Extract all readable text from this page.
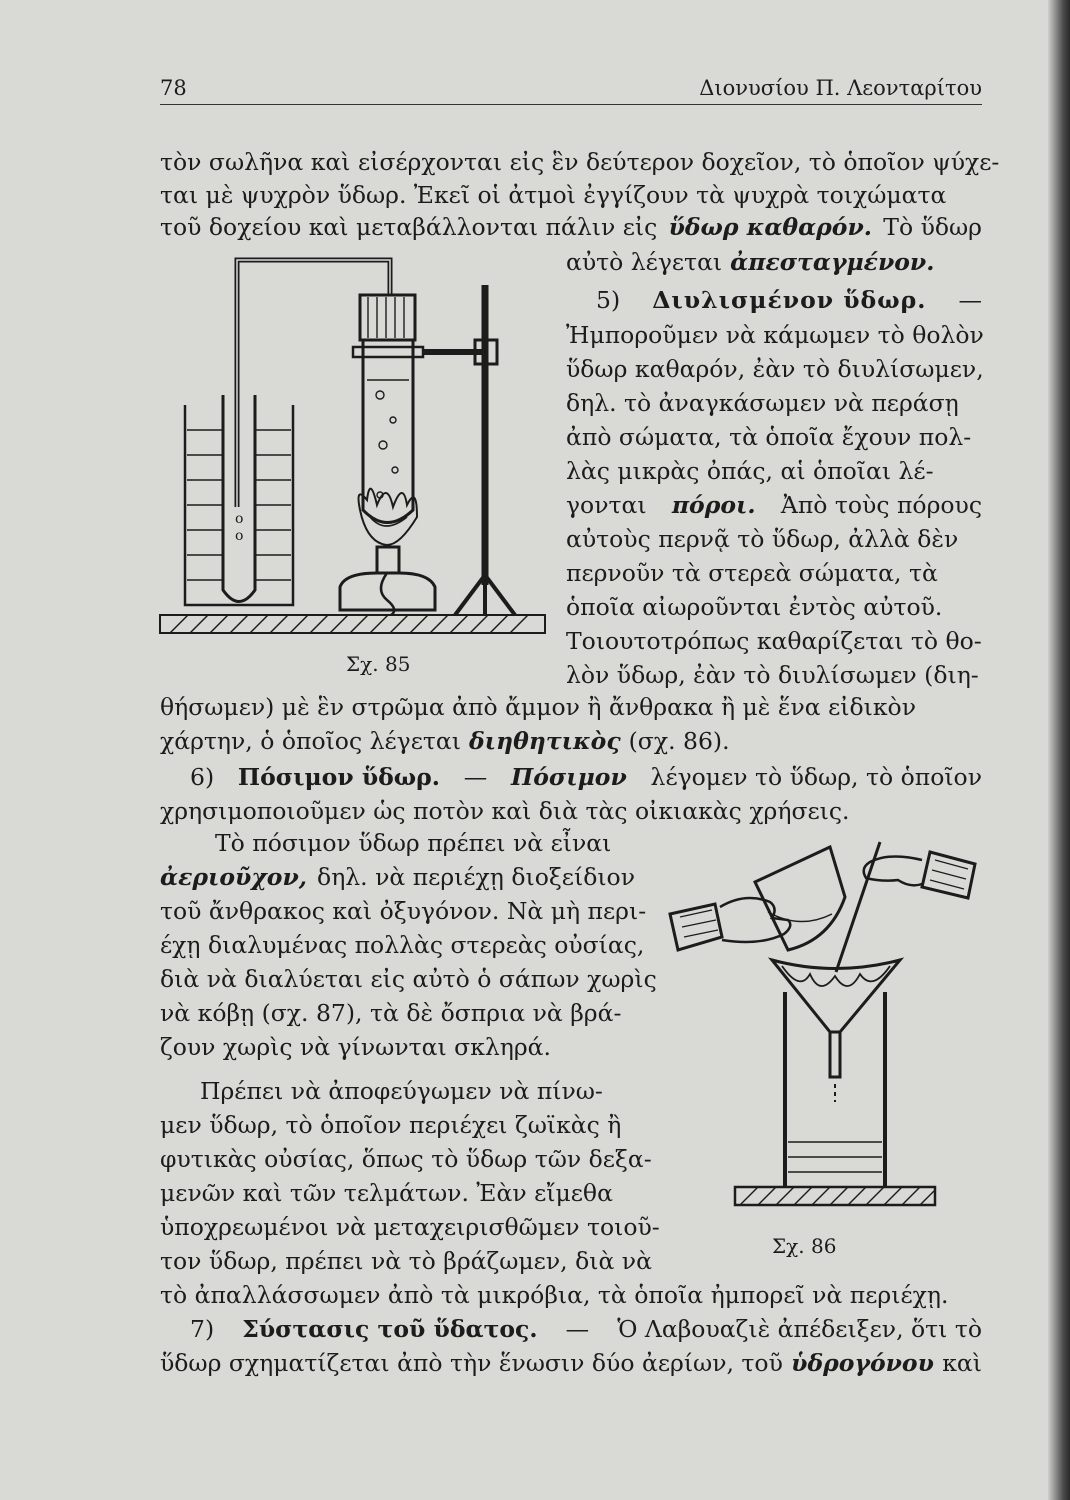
78	Διονυσίου Π. Λεονταρίτου
τὸν σωλῆνα καὶ εἰσέρχονται εἰς ἓν δεύτερον δοχεῖον, τὸ ὁποῖον ψύχε-
ται μὲ ψυχρὸν ὕδωρ. Ἐκεῖ οἱ ἀτμοὶ ἐγγίζουν τὰ ψυχρὰ τοιχώματα
τοῦ δοχείου καὶ μεταβάλλονται πάλιν εἰς ὕδωρ καθαρόν. Τὸ ὕδωρ
αὐτὸ λέγεται ἀπεσταγμένον.
5) Διυλισμένον ὕδωρ. —
Ἠμποροῦμεν νὰ κάμωμεν τὸ θολὸν
ὕδωρ καθαρόν, ἐὰν τὸ διυλίσωμεν,
δηλ. τὸ ἀναγκάσωμεν νὰ περάσῃ
ἀπὸ σώματα, τὰ ὁποῖα ἔχουν πολ-
λὰς μικρὰς ὀπάς, αἱ ὁποῖαι λέ-
γονται πόροι. Ἀπὸ τοὺς πόρους
αὐτοὺς περνᾷ τὸ ὕδωρ, ἀλλὰ δὲν
περνοῦν τὰ στερεὰ σώματα, τὰ
ὁποῖα αἰωροῦνται ἐντὸς αὐτοῦ.
Τοιουτοτρόπως καθαρίζεται τὸ θο-
λὸν ὕδωρ, ἐὰν τὸ διυλίσωμεν (διη-
θήσωμεν) μὲ ἓν στρῶμα ἀπὸ ἄμμον ἢ ἄνθρακα ἢ μὲ ἕνα εἰδικὸν
χάρτην, ὁ ὁποῖος λέγεται διηθητικὸς (σχ. 86).
6) Πόσιμον ὕδωρ. — Πόσιμον λέγομεν τὸ ὕδωρ, τὸ ὁποῖον
χρησιμοποιοῦμεν ὡς ποτὸν καὶ διὰ τὰς οἰκιακὰς χρήσεις.
Τὸ πόσιμον ὕδωρ πρέπει νὰ εἶναι
ἀεριοῦχον, δηλ. νὰ περιέχῃ διοξείδιον
τοῦ ἄνθρακος καὶ ὀξυγόνον. Νὰ μὴ περι-
έχῃ διαλυμένας πολλὰς στερεὰς οὐσίας,
διὰ νὰ διαλύεται εἰς αὐτὸ ὁ σάπων χωρὶς
νὰ κόβῃ (σχ. 87), τὰ δὲ ὄσπρια νὰ βρά-
ζουν χωρὶς νὰ γίνωνται σκληρά.
Πρέπει νὰ ἀποφεύγωμεν νὰ πίνω-
μεν ὕδωρ, τὸ ὁποῖον περιέχει ζωϊκὰς ἢ
φυτικὰς οὐσίας, ὅπως τὸ ὕδωρ τῶν δεξα-
μενῶν καὶ τῶν τελμάτων. Ἐὰν εἴμεθα
ὑποχρεωμένοι νὰ μεταχειρισθῶμεν τοιοῦ-
τον ὕδωρ, πρέπει νὰ τὸ βράζωμεν, διὰ νὰ
τὸ ἀπαλλάσσωμεν ἀπὸ τὰ μικρόβια, τὰ ὁποῖα ἠμπορεῖ νὰ περιέχῃ.
7) Σύστασις τοῦ ὕδατος. — Ὁ Λαβουαζιὲ ἀπέδειξεν, ὅτι τὸ
ὕδωρ σχηματίζεται ἀπὸ τὴν ἕνωσιν δύο ἀερίων, τοῦ ὑδρογόνου καὶ
o
o
Σχ. 85
Σχ. 86
